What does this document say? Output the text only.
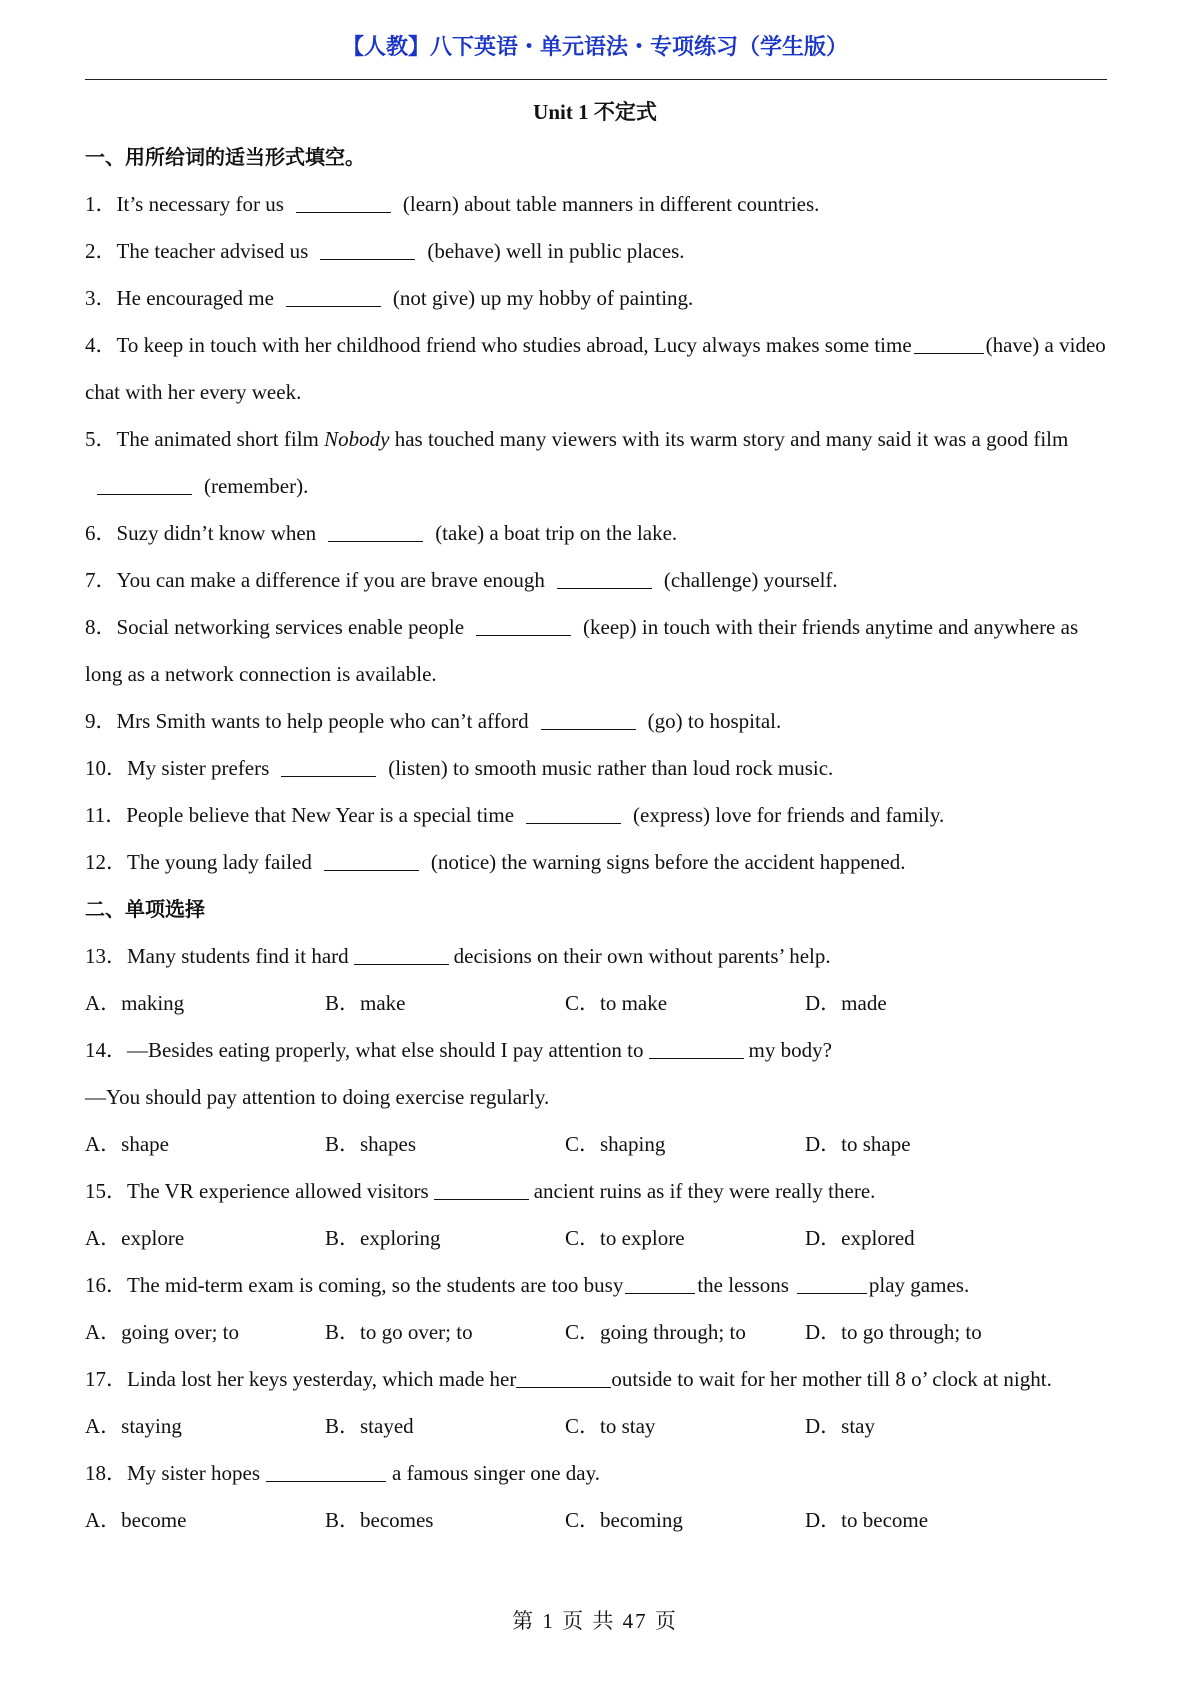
【人教】八下英语・单元语法・专项练习（学生版）
Unit 1 不定式
一、用所给词的适当形式填空。
1．It’s necessary for us	(learn) about table manners in different countries.
2．The teacher advised us	(behave) well in public places.
3．He encouraged me	(not give) up my hobby of painting.
4．To keep in touch with her childhood friend who studies abroad, Lucy always makes some time	(have) a video chat with her every week.
5．The animated short film Nobody has touched many viewers with its warm story and many said it was a good film(remember).
6．Suzy didn’t know when	(take) a boat trip on the lake.
7．You can make a difference if you are brave enough	(challenge) yourself.
8．Social networking services enable people	(keep) in touch with their friends anytime and anywhere as long as a network connection is available.
9．Mrs Smith wants to help people who can’t afford	(go) to hospital.
10．My sister prefers	(listen) to smooth music rather than loud rock music.
11．People believe that New Year is a special time	(express) love for friends and family.
12．The young lady failed	(notice) the warning signs before the accident happened.
二、单项选择
13．Many students find it hard	decisions on their own without parents’ help.
A．making	B．make	C．to make	D．made
14．—Besides eating properly, what else should I pay attention to	my body?
—You should pay attention to doing exercise regularly.
A．shape	B．shapes	C．shaping	D．to shape
15．The VR experience allowed visitors	ancient ruins as if they were really there.
A．explore	B．exploring	C．to explore	D．explored
16．The mid-term exam is coming, so the students are too busy	the lessons	play games.
A．going over; to	B．to go over; to	C．going through; to	D．to go through; to
17．Linda lost her keys yesterday, which made her	outside to wait for her mother till 8 o’ clock at night.
A．staying	B．stayed	C．to stay	D．stay
18．My sister hopes	a famous singer one day.
A．become	B．becomes	C．becoming	D．to become
第 1 页 共 47 页
